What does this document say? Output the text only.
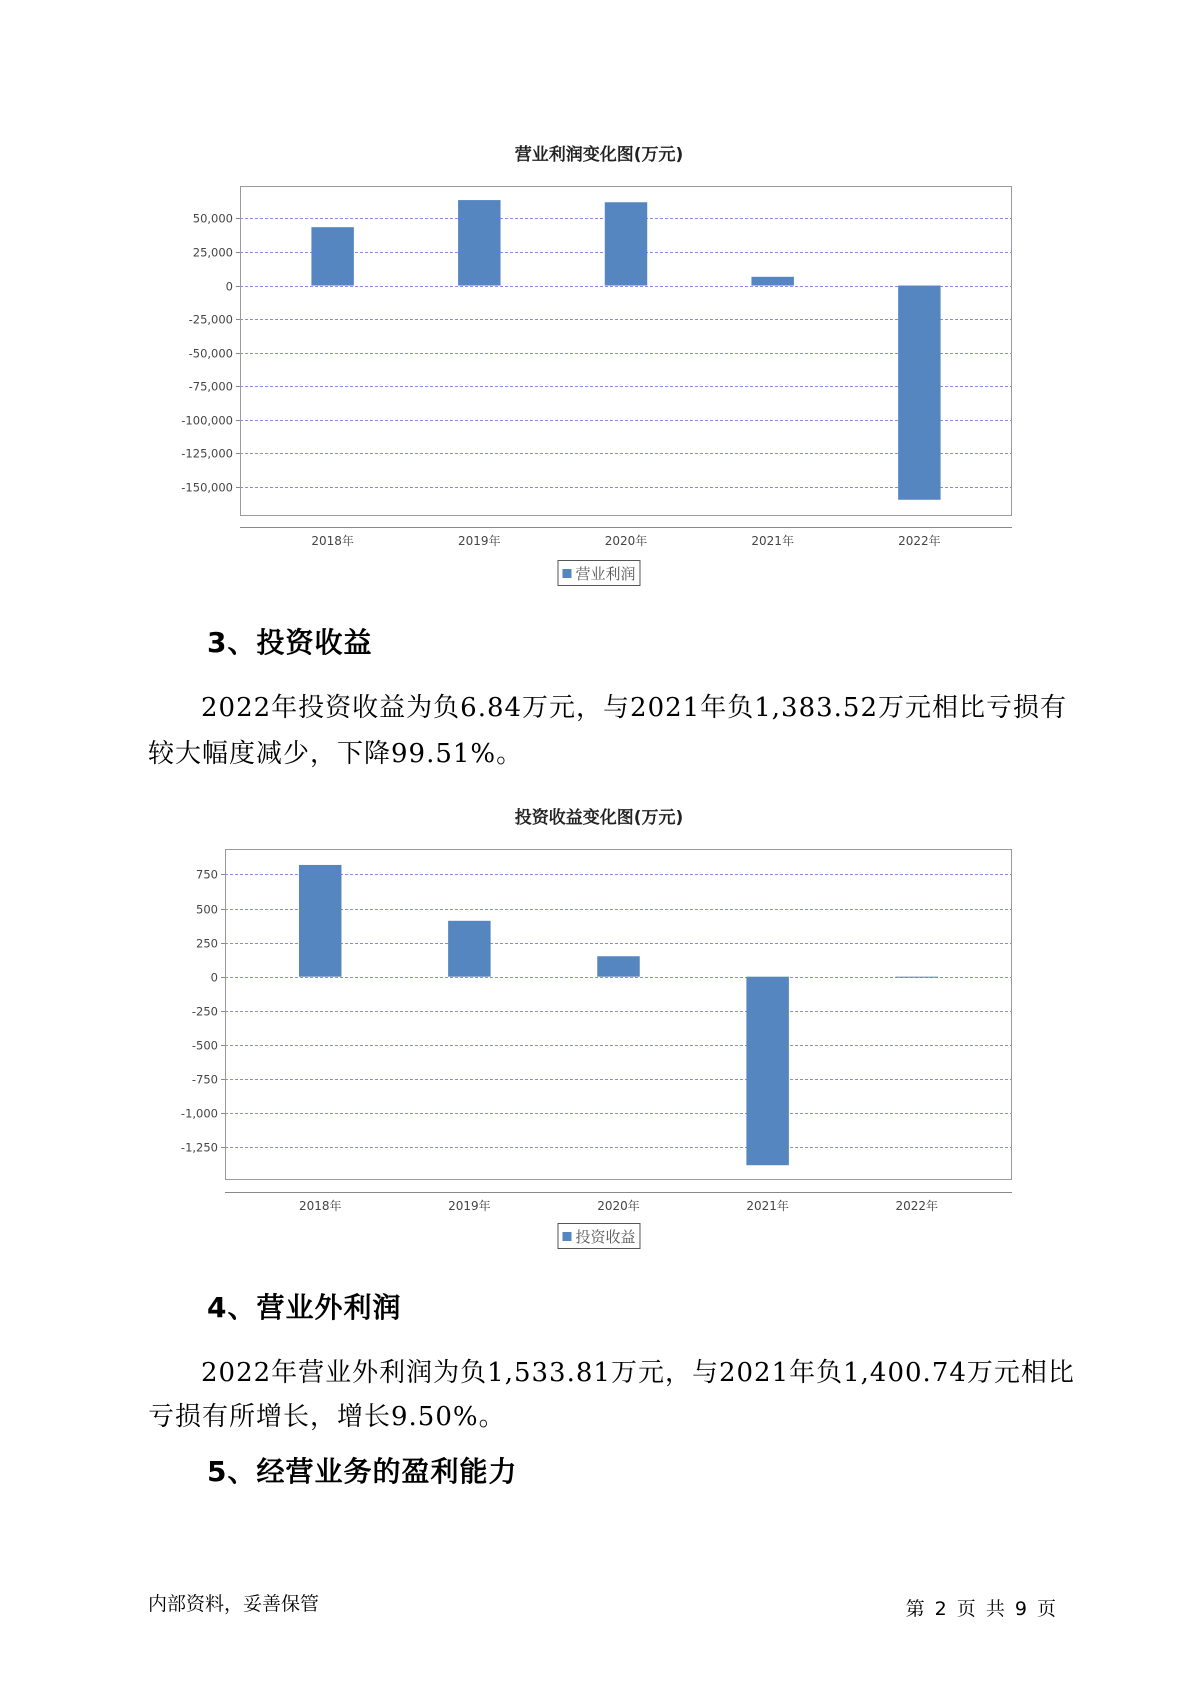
营业利润变化图(万元)
50,000
25,000
0
-25,000
-50,000
-75,000
-100,000
-125,000
-150,000
2018年	2019年	2020年	2021年	2022年
营业利润
3、投资收益
2022年投资收益为负6.84万元，与2021年负1,383.52万元相比亏损有
较大幅度减少，下降99.51%。
投资收益变化图(万元)
750
500
250
0
-250
-500
-750
-1,000
-1,250
2018年	2019年	2020年	2021年	2022年
投资收益
4、营业外利润
2022年营业外利润为负1,533.81万元，与2021年负1,400.74万元相比
亏损有所增长，增长9.50%。
5、经营业务的盈利能力
内部资料，妥善保管	第 2 页 共 9 页
